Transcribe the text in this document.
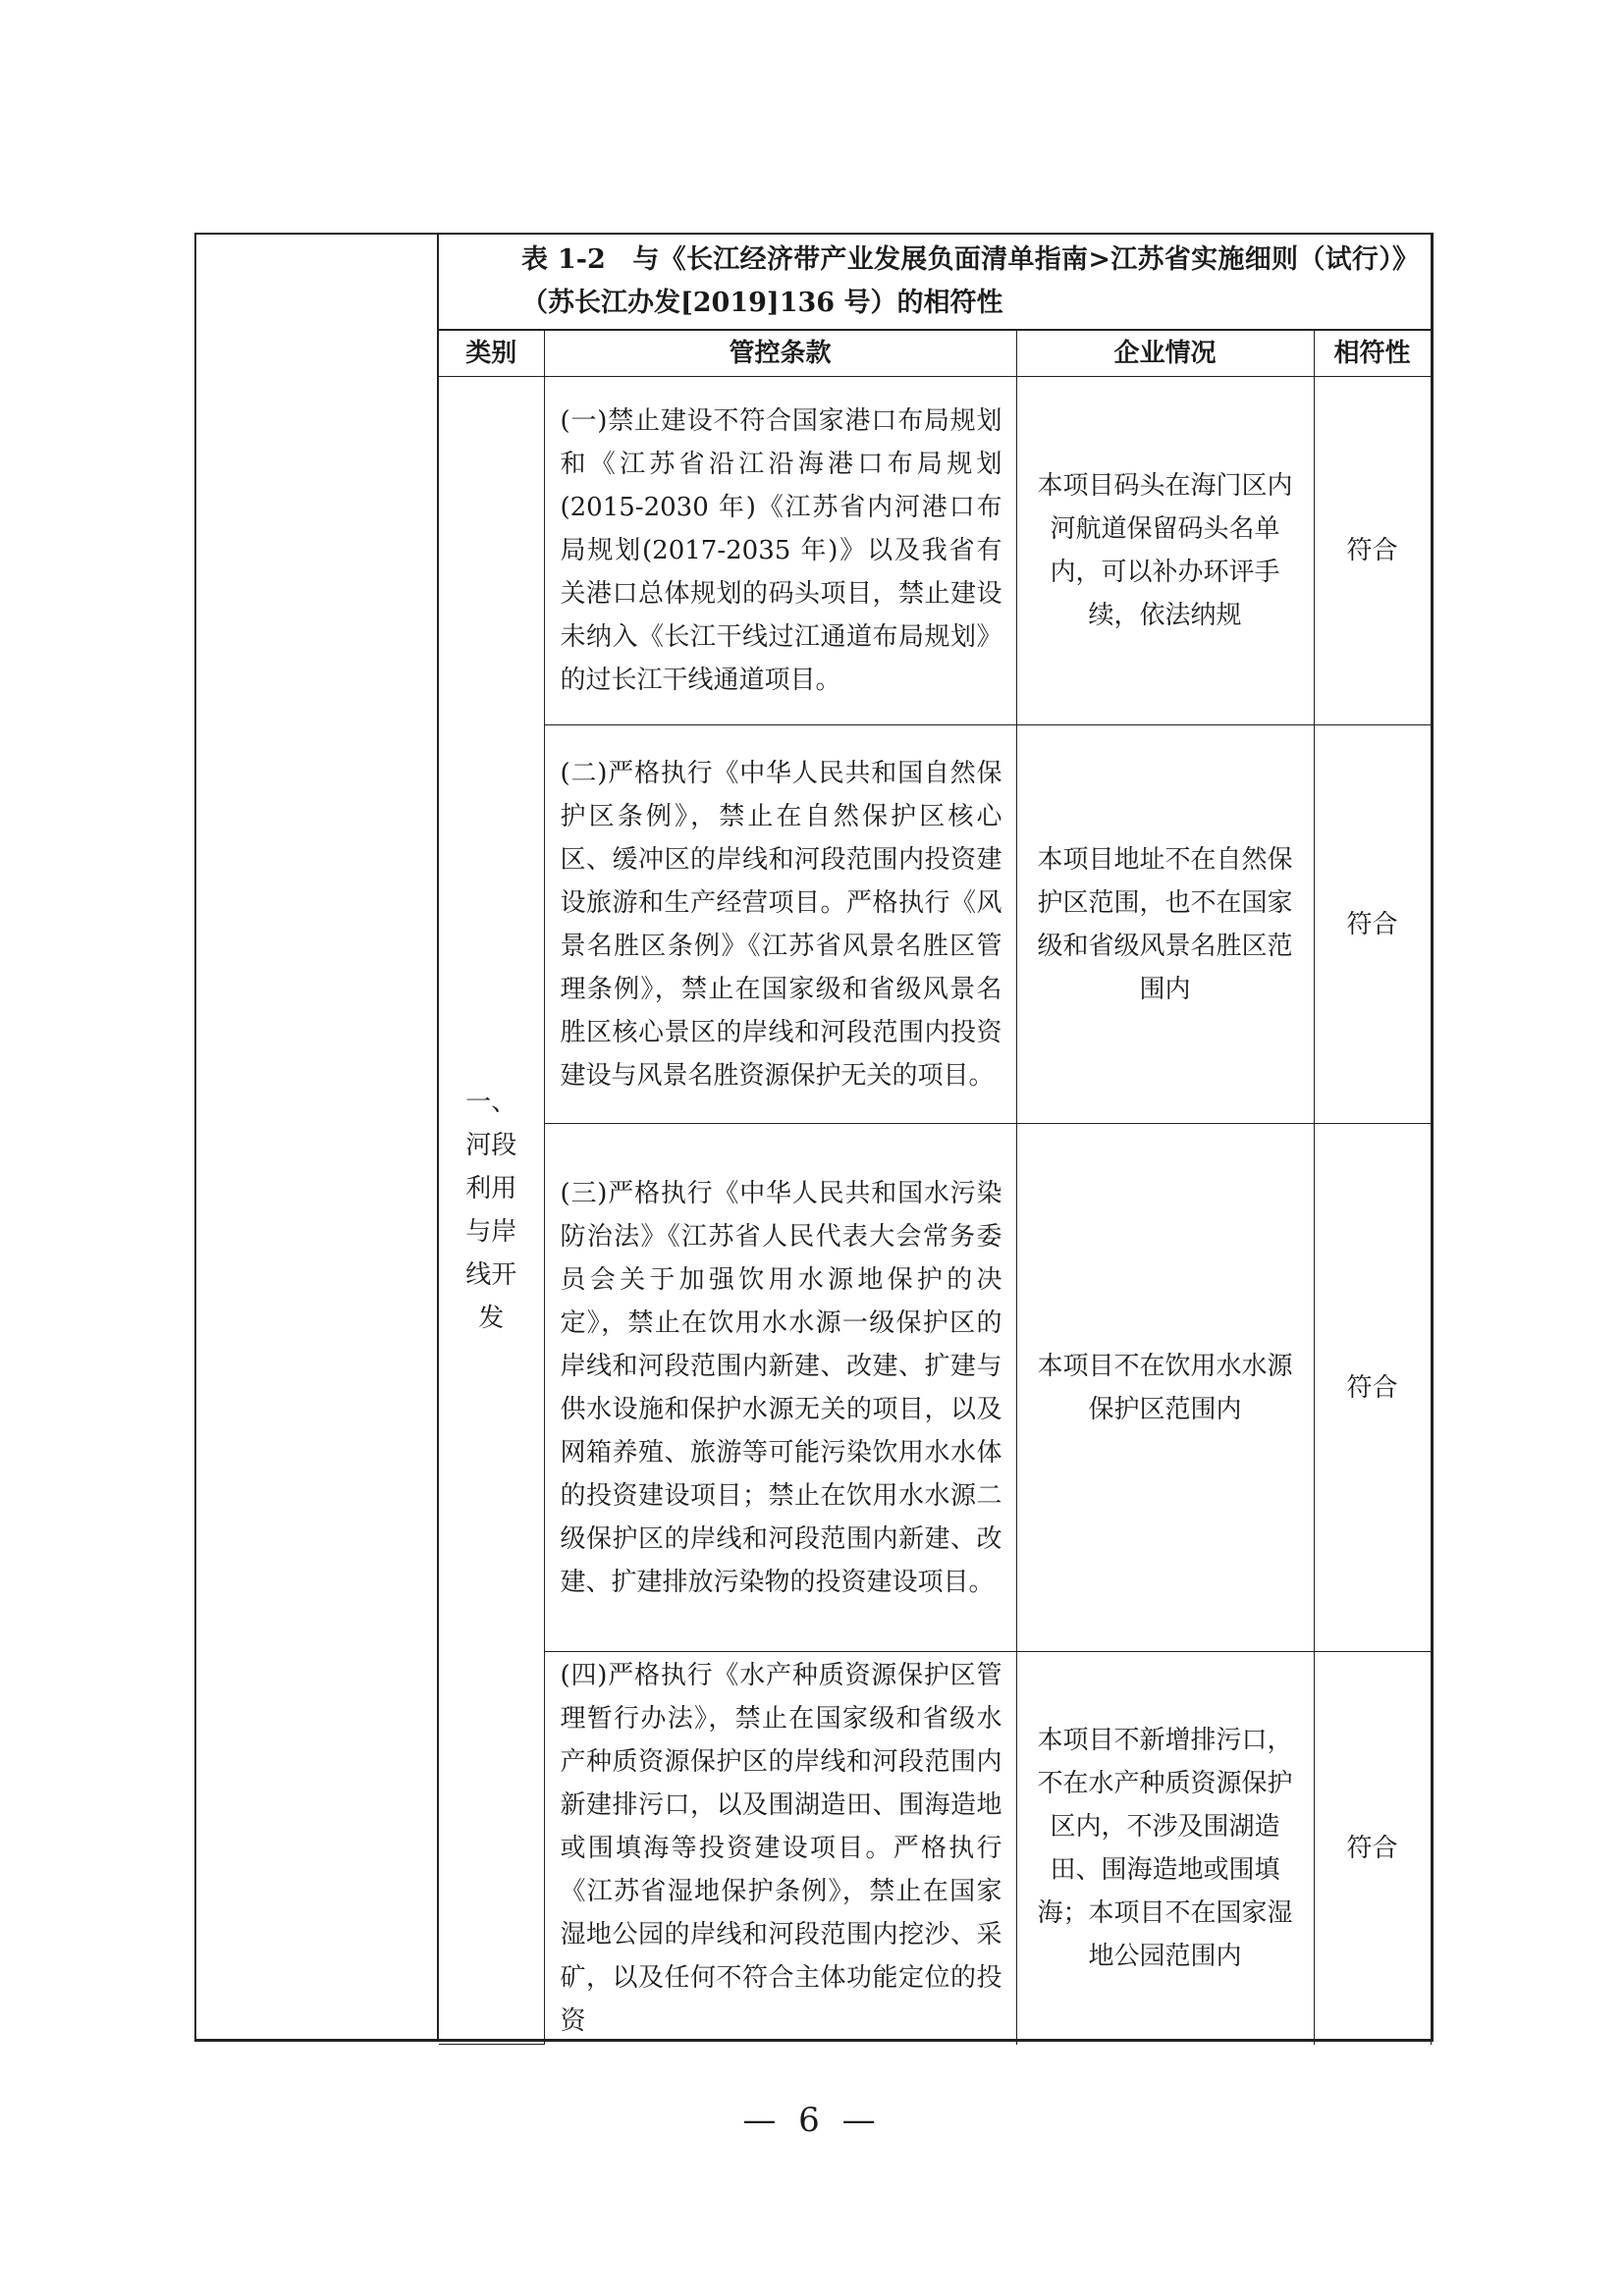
表 1-2　与《长江经济带产业发展负面清单指南>江苏省实施细则（试行）》（苏长江办发[2019]136 号）的相符性
类别	管控条款	企业情况	相符性

一、河段利用与岸线开发	(一)禁止建设不符合国家港口布局规划和《江苏省沿江沿海港口布局规划(2015-2030 年)《江苏省内河港口布局规划(2017-2035 年)》以及我省有关港口总体规划的码头项目，禁止建设未纳入《长江干线过江通道布局规划》的过长江干线通道项目。	本项目码头在海门区内河航道保留码头名单内，可以补办环评手续，依法纳规	符合

	(二)严格执行《中华人民共和国自然保护区条例》，禁止在自然保护区核心区、缓冲区的岸线和河段范围内投资建设旅游和生产经营项目。严格执行《风景名胜区条例》《江苏省风景名胜区管理条例》，禁止在国家级和省级风景名胜区核心景区的岸线和河段范围内投资建设与风景名胜资源保护无关的项目。	本项目地址不在自然保护区范围，也不在国家级和省级风景名胜区范围内	符合

	(三)严格执行《中华人民共和国水污染防治法》《江苏省人民代表大会常务委员会关于加强饮用水源地保护的决定》，禁止在饮用水水源一级保护区的岸线和河段范围内新建、改建、扩建与供水设施和保护水源无关的项目，以及网箱养殖、旅游等可能污染饮用水水体的投资建设项目；禁止在饮用水水源二级保护区的岸线和河段范围内新建、改建、扩建排放污染物的投资建设项目。	本项目不在饮用水水源保护区范围内	符合

	(四)严格执行《水产种质资源保护区管理暂行办法》，禁止在国家级和省级水产种质资源保护区的岸线和河段范围内新建排污口，以及围湖造田、围海造地或围填海等投资建设项目。严格执行《江苏省湿地保护条例》，禁止在国家湿地公园的岸线和河段范围内挖沙、采矿，以及任何不符合主体功能定位的投资	本项目不新增排污口，不在水产种质资源保护区内，不涉及围湖造田、围海造地或围填海；本项目不在国家湿地公园范围内	符合
— 6 —
